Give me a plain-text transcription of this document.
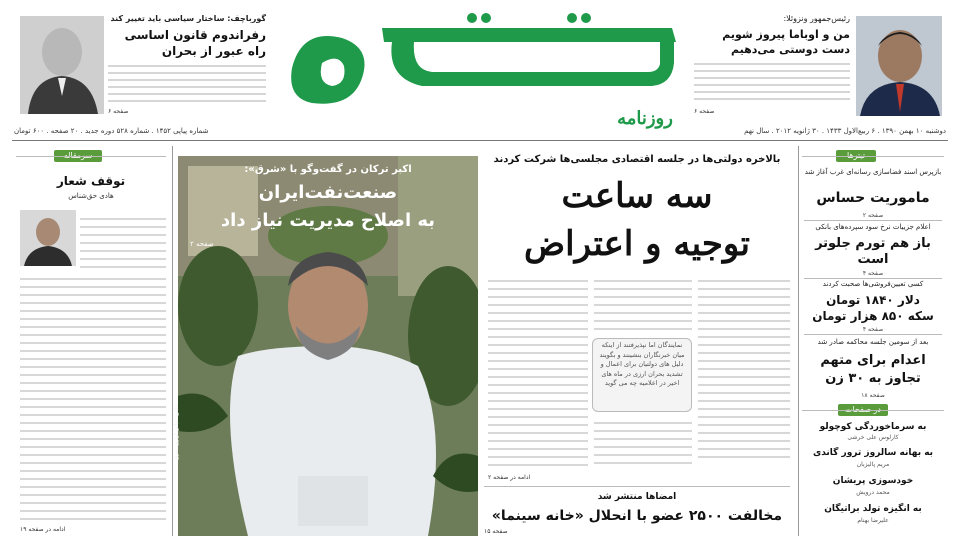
گورباچف: ساختار سیاسی باید تغییر کند
رفراندوم قانون اساسی
راه عبور از بحران
صفحه ۶	روزنامه
رئیس‌جمهور ونزوئلا:
من و اوباما پیروز شویم
دست دوستی می‌دهیم
صفحه ۶
دوشنبه ۱۰ بهمن ۱۳۹۰ . ۶ ربیع‌الاول ۱۴۳۳ . ۳۰ ژانویه ۲۰۱۲ . سال نهم
شماره پیاپی ۱۴۵۲ . شماره ۵۲۸ دوره جدید . ۲۰ صفحه . ۶۰۰ تومان
بازپرس اسند فضاسازی رسانه‌ای غرب آغاز شد
ماموریت حساس
صفحه ۲
اعلام جزییات نرخ سود سپرده‌های بانکی
باز هم تورم جلوتر است
صفحه ۴
کسی تعیین‌فروشی‌ها صحبت کردند
دلار ۱۸۴۰ تومان سکه ۸۵۰ هزار تومان
صفحه ۴
بعد از سومین جلسه محاکمه صادر شد
اعدام برای متهم تجاوز به ۳۰ زن
صفحه ۱۸
به سرماخوردگی کوچولو
کارلوس علی خرشی
به بهانه سالروز ترور گاندی
مریم پالیزبان
خودسوزی پریشان
محمد درویش
به انگیزه تولد براتیگان
علیرضا بهنام
بالاخره دولتی‌ها در جلسه اقتصادی مجلسی‌ها شرکت کردند
سه ساعت
توجیه و اعتراض
نمایندگان اما نپذیرفتند از اینکه میان خبرنگاران بنشینند و بگویند دلیل های دولتیان برای اعمال و تشدید بحران ارزی در ماه های اخیر در اعلامیه چه می گوید
ادامه در صفحه ۲
امضاها منتشر شد
مخالفت ۲۵۰۰ عضو با انحلال «خانه سینما»
صفحه ۱۵
اکبر ترکان در گفت‌وگو با «شرق»:
صنعت‌نفت‌ایران
به اصلاح مدیریت نیاز داد
صفحه ۲
عکس: عباس کوثری، شرق
توقف شعار
هادی حق‌شناس
ادامه در صفحه ۱۹
